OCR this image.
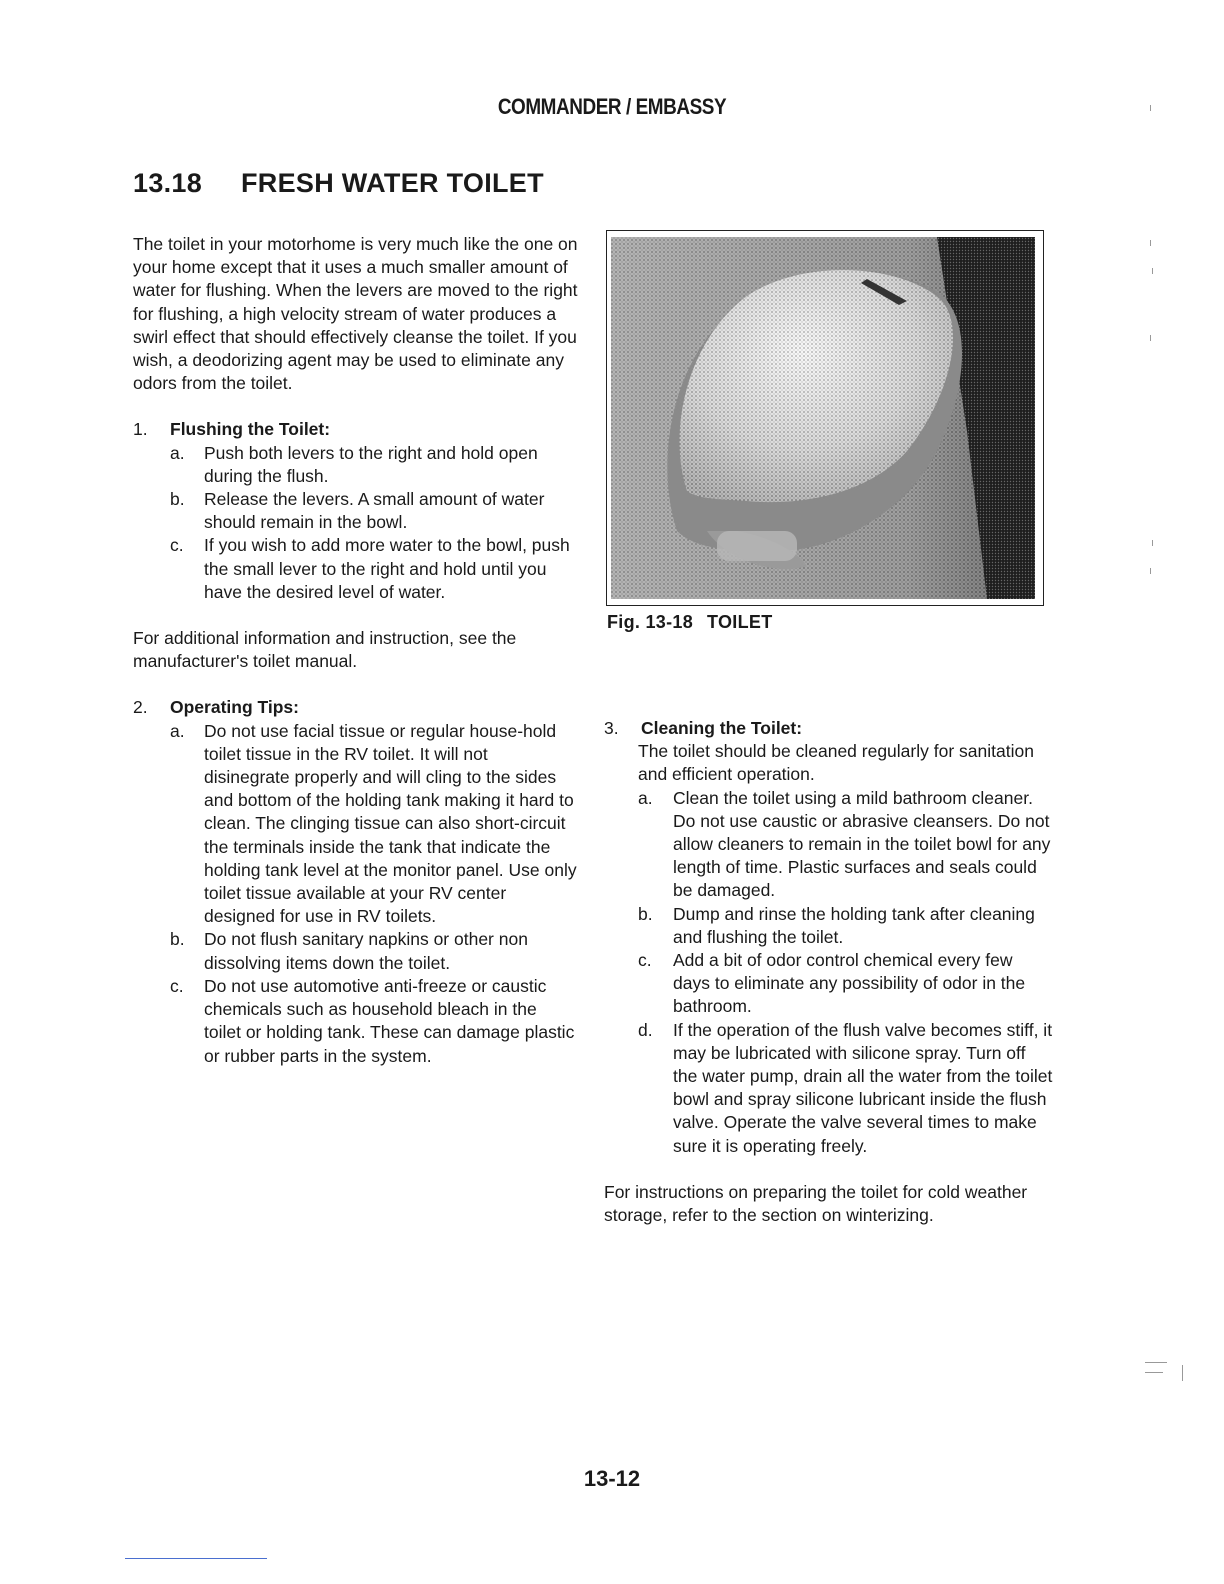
COMMANDER / EMBASSY
13.18 FRESH WATER TOILET

The toilet in your motorhome is very much like the one on your home except that it uses a much smaller amount of water for flushing. When the levers are moved to the right for flushing, a high velocity stream of water produces a swirl effect that should effectively cleanse the toilet. If you wish, a deodorizing agent may be used to eliminate any odors from the toilet.

1.	Flushing the Toilet:
a.	Push both levers to the right and hold open during the flush.
b.	Release the levers. A small amount of water should remain in the bowl.
c.	If you wish to add more water to the bowl, push the small lever to the right and hold until you have the desired level of water.

For additional information and instruction, see the manufacturer's toilet manual.

2.	Operating Tips:
a.	Do not use facial tissue or regular house-hold toilet tissue in the RV toilet. It will not disinegrate properly and will cling to the sides and bottom of the holding tank making it hard to clean. The clinging tissue can also short-circuit the terminals inside the tank that indicate the holding tank level at the monitor panel. Use only toilet tissue available at your RV center designed for use in RV toilets.
b.	Do not flush sanitary napkins or other non dissolving items down the toilet.
c.	Do not use automotive anti-freeze or caustic chemicals such as household bleach in the toilet or holding tank. These can damage plastic or rubber parts in the system.
Fig. 13-18 TOILET
3.	Cleaning the Toilet:

The toilet should be cleaned regularly for sanitation and efficient operation.

a.	Clean the toilet using a mild bathroom cleaner. Do not use caustic or abrasive cleansers. Do not allow cleaners to remain in the toilet bowl for any length of time. Plastic surfaces and seals could be damaged.
b.	Dump and rinse the holding tank after cleaning and flushing the toilet.
c.	Add a bit of odor control chemical every few days to eliminate any possibility of odor in the bathroom.
d.	If the operation of the flush valve becomes stiff, it may be lubricated with silicone spray. Turn off the water pump, drain all the water from the toilet bowl and spray silicone lubricant inside the flush valve. Operate the valve several times to make sure it is operating freely.

For instructions on preparing the toilet for cold weather storage, refer to the section on winterizing.

13-12
